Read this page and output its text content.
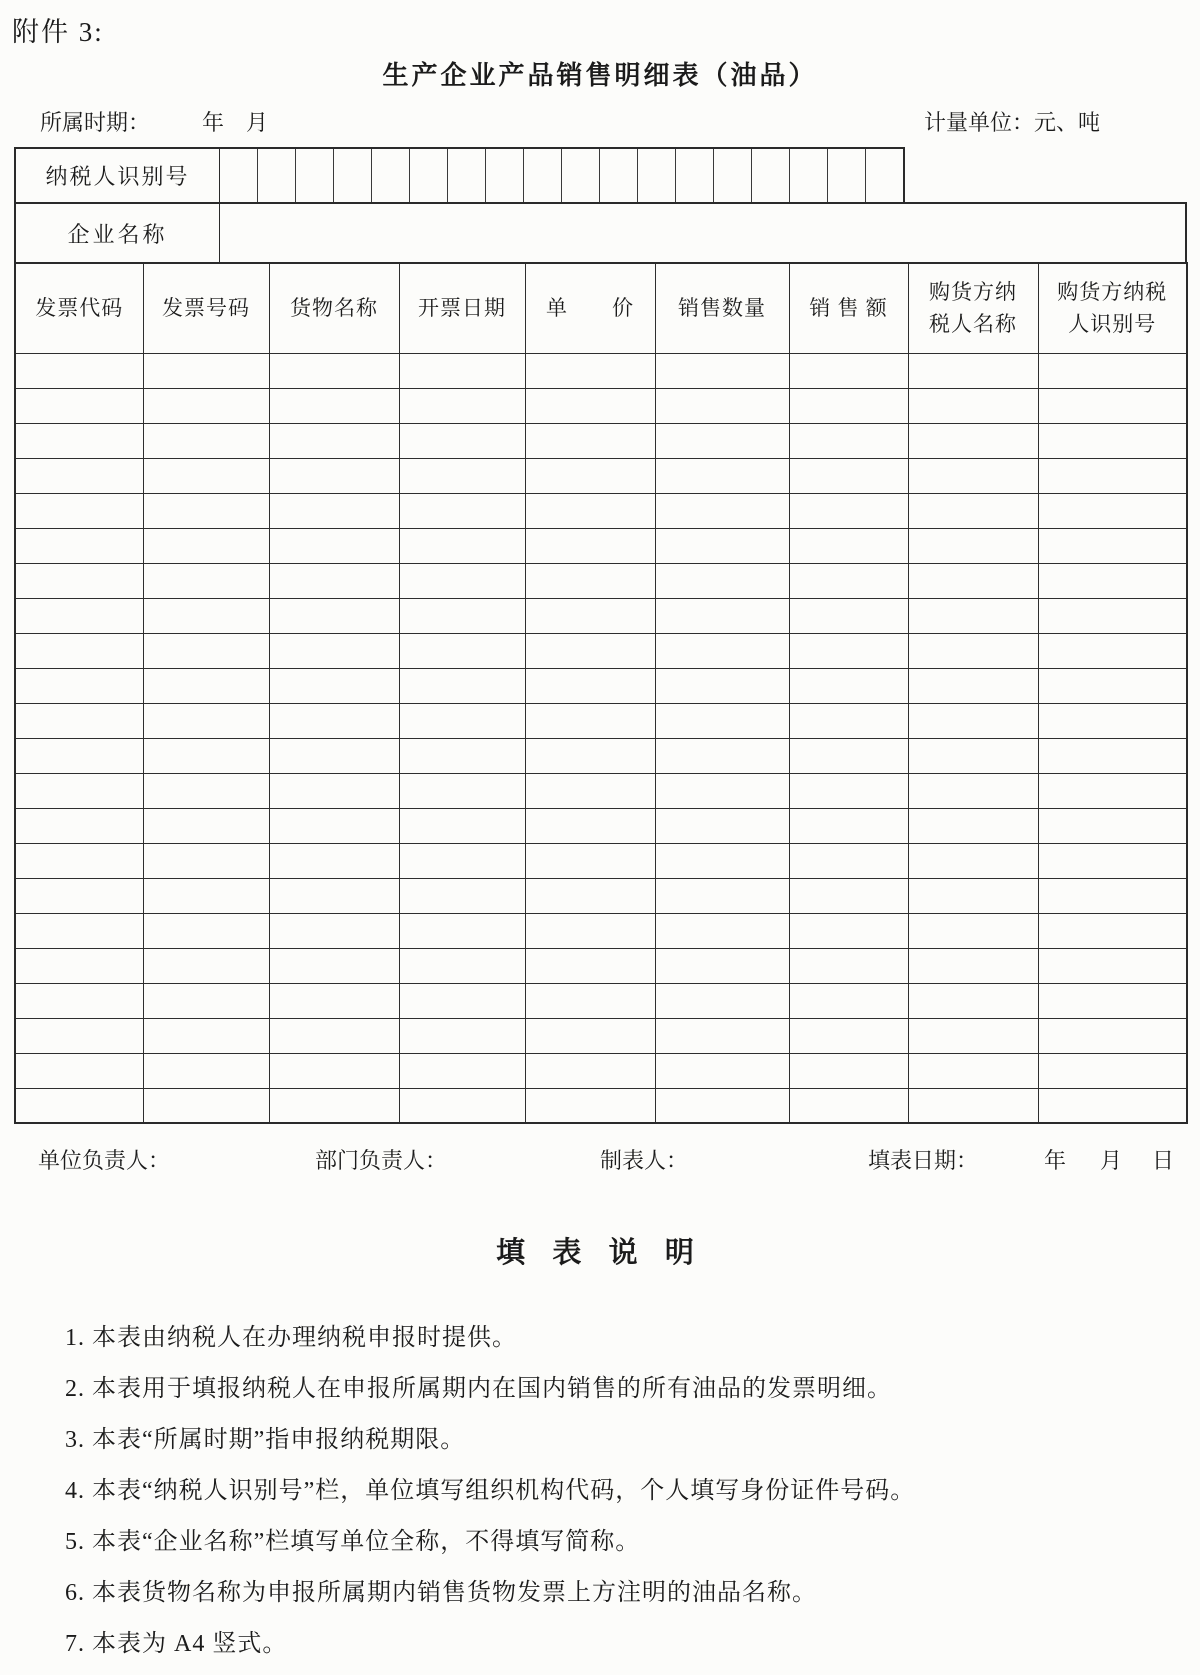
附件 3:
生产企业产品销售明细表（油品）
所属时期： 年 月	计量单位：元、吨
纳税人识别号
企业名称
发票代码	发票号码	货物名称	开票日期	单　　价	销售数量	销 售 额	购货方纳税人名称	购货方纳税人识别号

单位负责人：	部门负责人：	制表人：	填表日期：	年 月 日
填 表 说 明
1. 本表由纳税人在办理纳税申报时提供。
2. 本表用于填报纳税人在申报所属期内在国内销售的所有油品的发票明细。
3. 本表“所属时期”指申报纳税期限。
4. 本表“纳税人识别号”栏，单位填写组织机构代码，个人填写身份证件号码。
5. 本表“企业名称”栏填写单位全称，不得填写简称。
6. 本表货物名称为申报所属期内销售货物发票上方注明的油品名称。
7. 本表为 A4 竖式。
